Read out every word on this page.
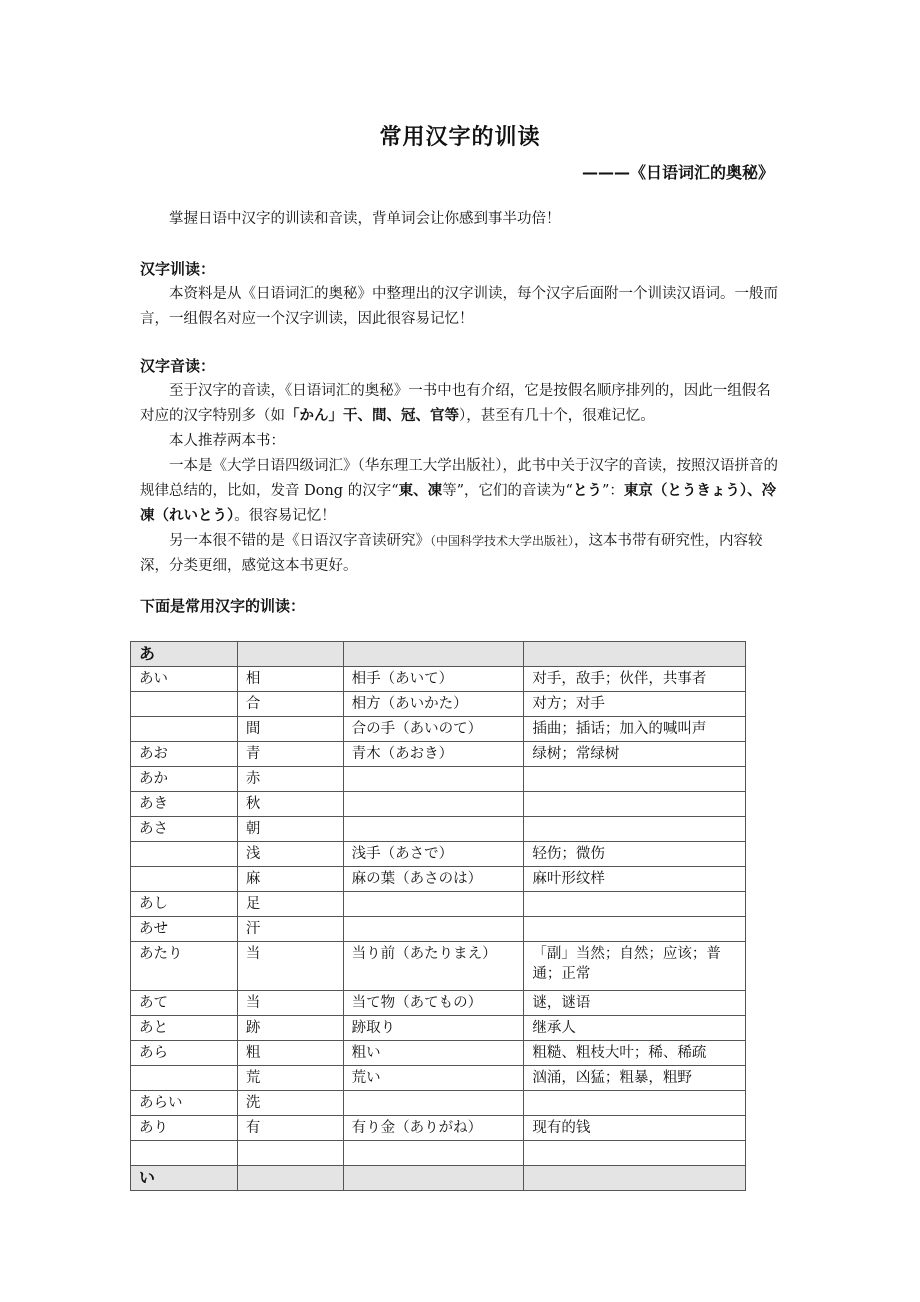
常用汉字的训读
———《日语词汇的奥秘》
掌握日语中汉字的训读和音读，背单词会让你感到事半功倍！
汉字训读：
本资料是从《日语词汇的奥秘》中整理出的汉字训读，每个汉字后面附一个训读汉语词。一般而言，一组假名对应一个汉字训读，因此很容易记忆！
汉字音读：
至于汉字的音读，《日语词汇的奥秘》一书中也有介绍，它是按假名顺序排列的，因此一组假名对应的汉字特别多（如「かん」干、間、冠、官等），甚至有几十个，很难记忆。
本人推荐两本书：
一本是《大学日语四级词汇》（华东理工大学出版社），此书中关于汉字的音读，按照汉语拼音的规律总结的，比如，发音 Dong 的汉字“東、凍等”，它们的音读为“とう”：東京（とうきょう）、冷凍（れいとう）。很容易记忆！
另一本很不错的是《日语汉字音读研究》（中国科学技术大学出版社），这本书带有研究性，内容较深，分类更细，感觉这本书更好。
下面是常用汉字的训读：
あ			
あい	相	相手（あいて）	对手，敌手；伙伴，共事者
	合	相方（あいかた）	对方；对手
	間	合の手（あいのて）	插曲；插话；加入的喊叫声
あお	青	青木（あおき）	绿树；常绿树
あか	赤		
あき	秋		
あさ	朝		
	浅	浅手（あさで）	轻伤；微伤
	麻	麻の葉（あさのは）	麻叶形纹样
あし	足		
あせ	汗		
あたり	当	当り前（あたりまえ）	「副」当然；自然；应该；普通；正常
あて	当	当て物（あてもの）	谜，谜语
あと	跡	跡取り	继承人
あら	粗	粗い	粗糙、粗枝大叶；稀、稀疏
	荒	荒い	汹涌，凶猛；粗暴，粗野
あらい	洗		
あり	有	有り金（ありがね）	现有的钱

い			
